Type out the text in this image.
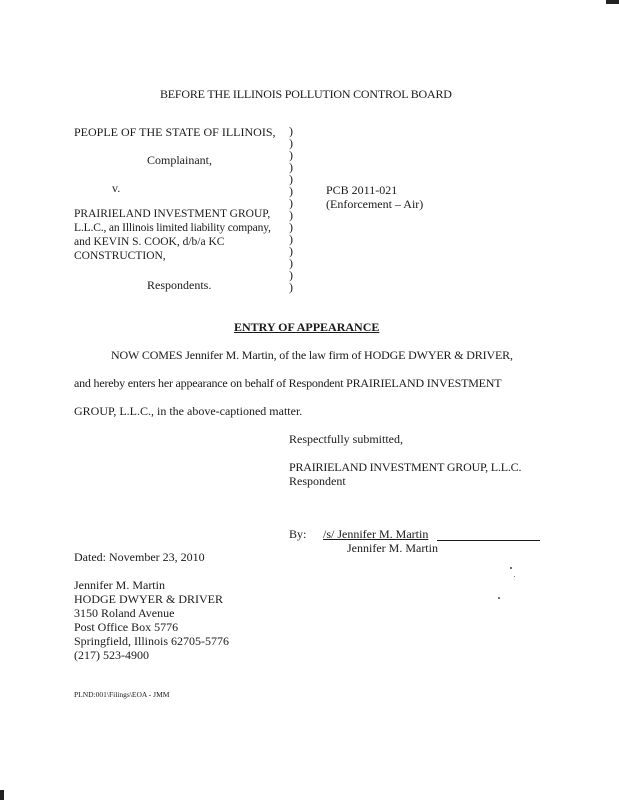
BEFORE THE ILLINOIS POLLUTION CONTROL BOARD
PEOPLE OF THE STATE OF ILLINOIS,
Complainant,
v.
PRAIRIELAND INVESTMENT GROUP,
L.L.C., an Illinois limited liability company,
and KEVIN S. COOK, d/b/a KC
CONSTRUCTION,
Respondents.
)
)
)
)
)
)
)
)
)
)
)
)
)
)
PCB 2011-021
(Enforcement – Air)
ENTRY OF APPEARANCE
NOW COMES Jennifer M. Martin, of the law firm of HODGE DWYER & DRIVER,
and hereby enters her appearance on behalf of Respondent PRAIRIELAND INVESTMENT
GROUP, L.L.C., in the above-captioned matter.
Respectfully submitted,
PRAIRIELAND INVESTMENT GROUP, L.L.C.
Respondent
By: /s/ Jennifer M. Martin
Jennifer M. Martin
Dated: November 23, 2010
Jennifer M. Martin
HODGE DWYER & DRIVER
3150 Roland Avenue
Post Office Box 5776
Springfield, Illinois 62705-5776
(217) 523-4900
PLND:001\Filings\EOA - JMM
